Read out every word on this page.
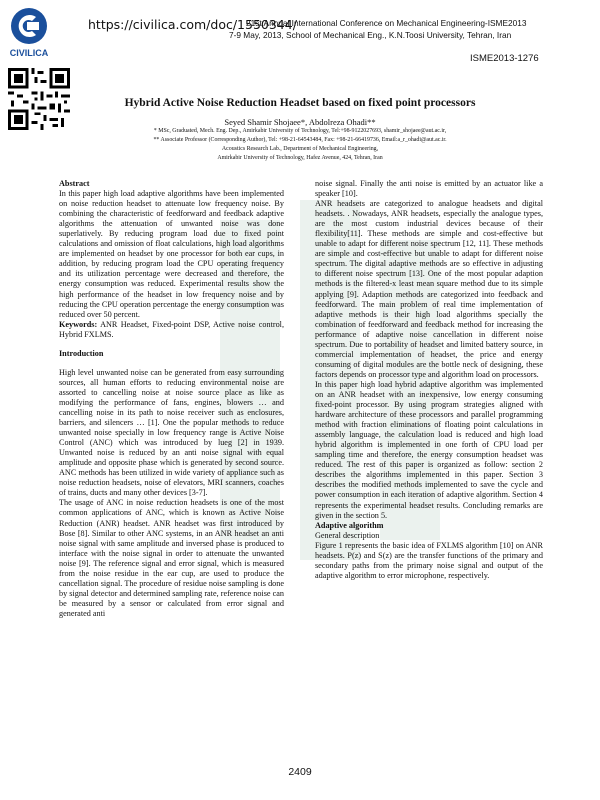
CIVILICA
https://civilica.com/doc/1550344/
21st Annual International Conference on Mechanical Engineering-ISME2013
7-9 May, 2013, School of Mechanical Eng., K.N.Toosi University, Tehran, Iran
ISME2013-1276
Hybrid Active Noise Reduction Headset based on fixed point processors
Seyed Shamir Shojaee*, Abdolreza Ohadi**
* MSc, Graduated, Mech. Eng. Dep., Amirkabir University of Technology, Tel:+98-9122027693, shamir_shojaee@aut.ac.ir,
** Associate Professor (Corresponding Author), Tel: +98-21-64543484, Fax: +98-21-66419736, Email:a_r_ohadi@aut.ac.ir.
Acoustics Research Lab., Department of Mechanical Engineering,
Amirkabir University of Technology, Hafez Avenue, 424, Tehran, Iran

Abstract

In this paper high load adaptive algorithms have been implemented on noise reduction headset to attenuate low frequency noise. By combining the characteristic of feedforward and feedback adaptive algorithms the attenuation of unwanted noise was done superlatively. By reducing program load due to fixed point calculations and omission of float calculations, high load algorithms are implemented on headset by one processor for both ear cups, in addition, by reducing program load the CPU operating frequency and its utilization percentage were decreased and therefore, the energy consumption was reduced. Experimental results show the high performance of the headset in low frequency noise and by reducing the CPU operation percentage the energy consumption was reduced over 50 percent.

Keywords: ANR Headset, Fixed-point DSP, Active noise control, Hybrid FXLMS.

Introduction

High level unwanted noise can be generated from easy surrounding sources, all human efforts to reducing environmental noise are assorted to cancelling noise at noise source place as like as modifying the performance of fans, engines, blowers … and cancelling noise in its path to noise receiver such as enclosures, barriers, and silencers … [1]. One the popular methods to reduce unwanted noise specially in low frequency range is Active Noise Control (ANC) which was introduced by lueg [2] in 1939. Unwanted noise is reduced by an anti noise signal with equal amplitude and opposite phase which is generated by second source. ANC methods has been utilized in wide variety of appliance such as noise reduction headsets, noise of elevators, MRI scanners, coaches of trains, ducts and many other devices [3-7].

The usage of ANC in noise reduction headsets is one of the most common applications of ANC, which is known as Active Noise Reduction (ANR) headset. ANR headset was first introduced by Bose [8]. Similar to other ANC systems, in an ANR headset an anti noise signal with same amplitude and inversed phase is produced to interface with the noise signal in order to attenuate the unwanted noise [9]. The reference signal and error signal, which is measured from the noise residue in the ear cup, are used to produce the cancellation signal. The procedure of residue noise sampling is done by signal detector and determined sampling rate, reference noise can be measured by a sensor or calculated from error signal and generated anti

noise signal. Finally the anti noise is emitted by an actuator like a speaker [10].

ANR headsets are categorized to analogue headsets and digital headsets. . Nowadays, ANR headsets, especially the analogue types, are the most custom industrial devices because of their flexibility[11]. These methods are simple and cost-effective but unable to adapt for different noise spectrum [12, 11]. These methods are simple and cost-effective but unable to adapt for different noise spectrum. The digital adaptive methods are so effective in adjusting to different noise spectrum [13]. One of the most popular adaption methods is the filtered-x least mean square method due to its simple applying [9]. Adaption methods are categorized into feedback and feedforward. The main problem of real time implementation of adaptive methods is their high load algorithms specially the combination of feedforward and feedback method for increasing the performance of adaptive noise cancellation in different noise spectrum. Due to portability of headset and limited battery source, in commercial implementation of headset, the price and energy consuming of digital modules are the bottle neck of designing, these factors depends on processor type and algorithm load on processors.

In this paper high load hybrid adaptive algorithm was implemented on an ANR headset with an inexpensive, low energy consuming fixed-point processor. By using program strategies aligned with hardware architecture of these processors and parallel programming method with fraction eliminations of floating point calculations in assembly language, the calculation load is reduced and high load hybrid algorithm is implemented in one forth of CPU load per sampling time and therefore, the energy consumption headset was reduced. The rest of this paper is organized as follow: section 2 describes the algorithms implemented in this paper. Section 3 describes the modified methods implemented to save the cycle and power consumption in each iteration of adaptive algorithm. Section 4 represents the experimental headset results. Concluding remarks are given in the section 5.

Adaptive algorithm

General description

Figure 1 represents the basic idea of FXLMS algorithm [10] on ANR headsets. P(z) and S(z) are the transfer functions of the primary and secondary paths from the primary noise signal and output of the adaptive algorithm to error microphone, respectively.

2409
